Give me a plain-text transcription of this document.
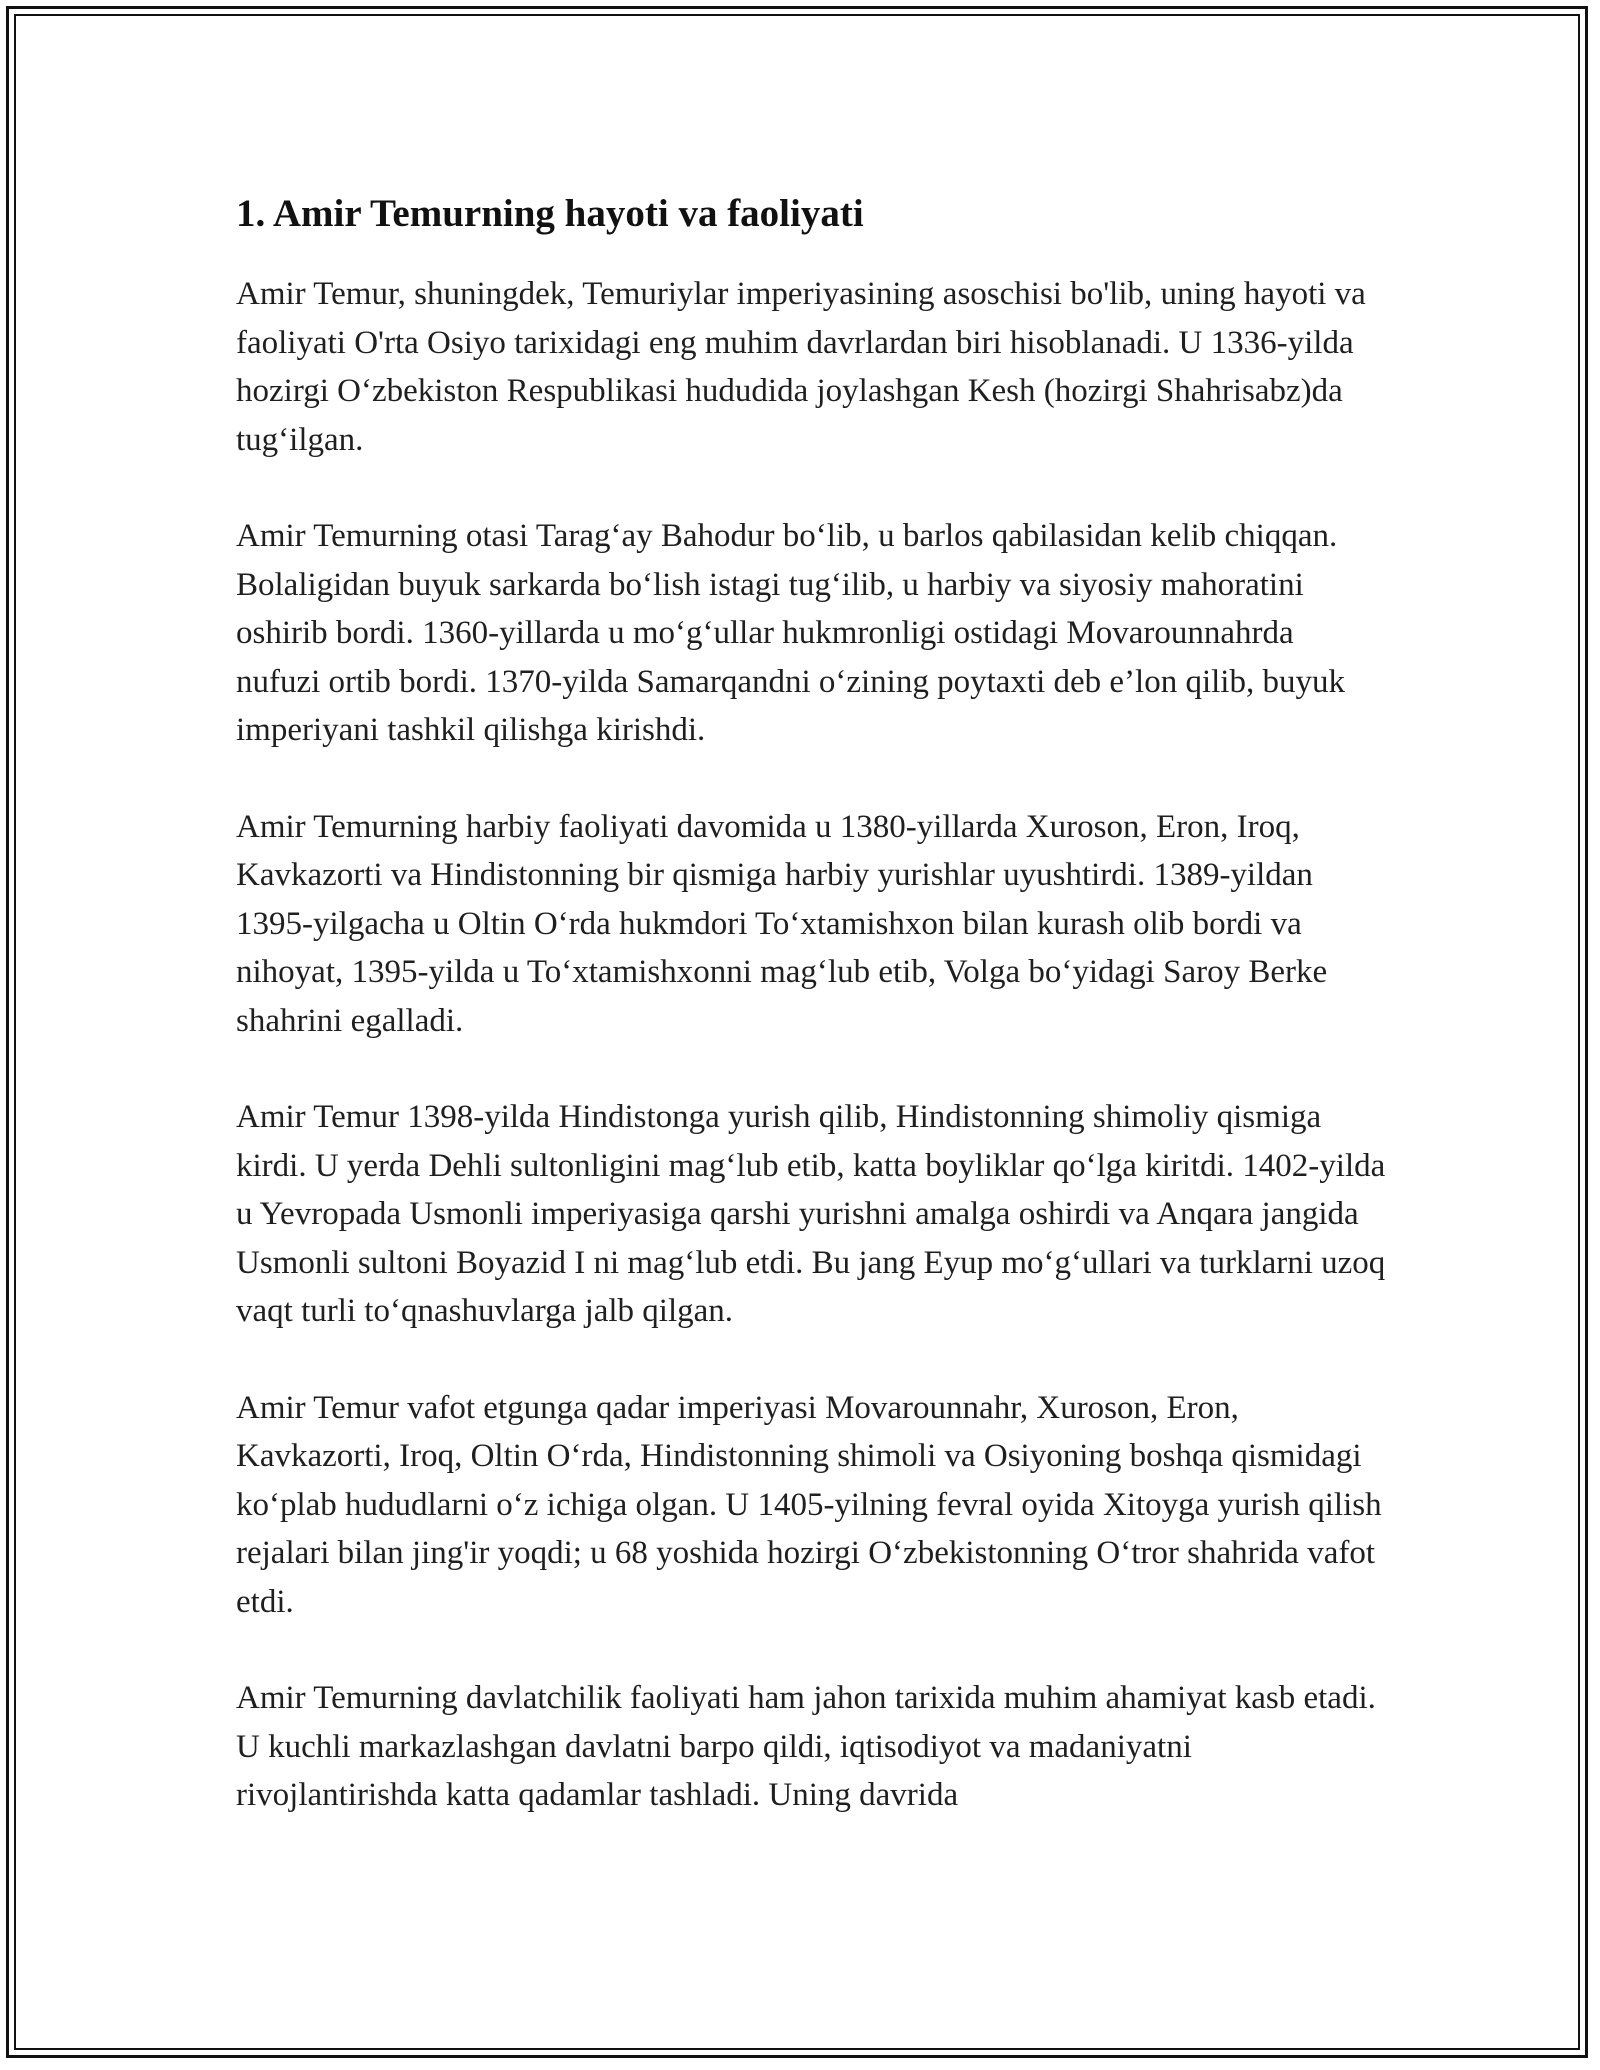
1. Amir Temurning hayoti va faoliyati

Amir Temur, shuningdek, Temuriylar imperiyasining asoschisi bo'lib, uning hayoti va faoliyati O'rta Osiyo tarixidagi eng muhim davrlardan biri hisoblanadi. U 1336-yilda hozirgi O‘zbekiston Respublikasi hududida joylashgan Kesh (hozirgi Shahrisabz)da tug‘ilgan.

Amir Temurning otasi Tarag‘ay Bahodur bo‘lib, u barlos qabilasidan kelib chiqqan. Bolaligidan buyuk sarkarda bo‘lish istagi tug‘ilib, u harbiy va siyosiy mahoratini oshirib bordi. 1360-yillarda u mo‘g‘ullar hukmronligi ostidagi Movarounnahrda nufuzi ortib bordi. 1370-yilda Samarqandni o‘zining poytaxti deb e’lon qilib, buyuk imperiyani tashkil qilishga kirishdi.

Amir Temurning harbiy faoliyati davomida u 1380-yillarda Xuroson, Eron, Iroq, Kavkazorti va Hindistonning bir qismiga harbiy yurishlar uyushtirdi. 1389-yildan 1395-yilgacha u Oltin O‘rda hukmdori To‘xtamishxon bilan kurash olib bordi va nihoyat, 1395-yilda u To‘xtamishxonni mag‘lub etib, Volga bo‘yidagi Saroy Berke shahrini egalladi.

Amir Temur 1398-yilda Hindistonga yurish qilib, Hindistonning shimoliy qismiga kirdi. U yerda Dehli sultonligini mag‘lub etib, katta boyliklar qo‘lga kiritdi. 1402-yilda u Yevropada Usmonli imperiyasiga qarshi yurishni amalga oshirdi va Anqara jangida Usmonli sultoni Boyazid I ni mag‘lub etdi. Bu jang Eyup mo‘g‘ullari va turklarni uzoq vaqt turli to‘qnashuvlarga jalb qilgan.

Amir Temur vafot etgunga qadar imperiyasi Movarounnahr, Xuroson, Eron, Kavkazorti, Iroq, Oltin O‘rda, Hindistonning shimoli va Osiyoning boshqa qismidagi ko‘plab hududlarni o‘z ichiga olgan. U 1405-yilning fevral oyida Xitoyga yurish qilish rejalari bilan jing'ir yoqdi; u 68 yoshida hozirgi O‘zbekistonning O‘tror shahrida vafot etdi.

Amir Temurning davlatchilik faoliyati ham jahon tarixida muhim ahamiyat kasb etadi. U kuchli markazlashgan davlatni barpo qildi, iqtisodiyot va madaniyatni rivojlantirishda katta qadamlar tashladi. Uning davrida
